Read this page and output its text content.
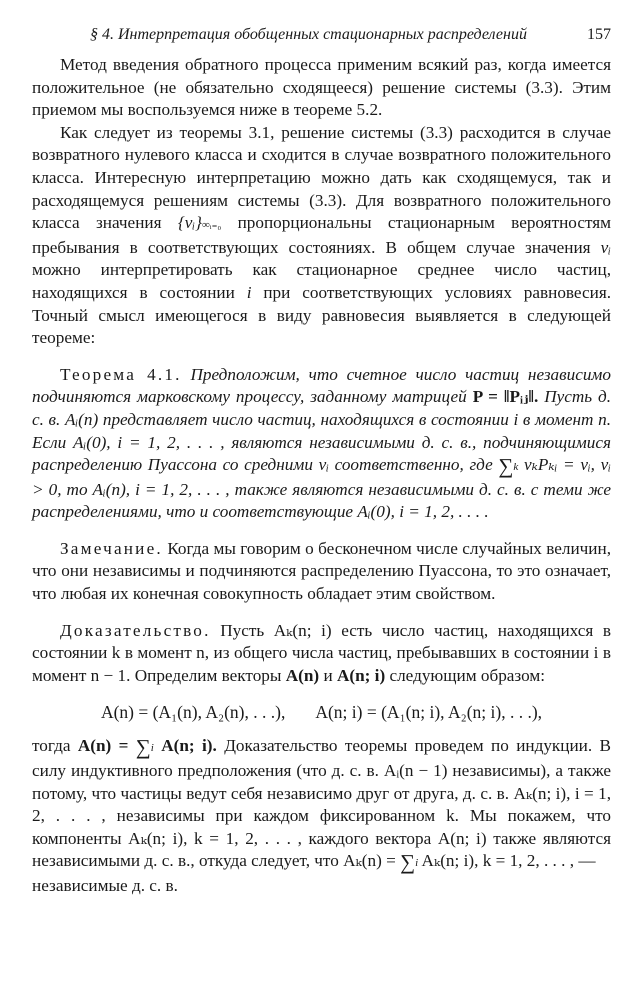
§ 4. Интерпретация обобщенных стационарных распределений	157

Метод введения обратного процесса применим всякий раз, когда имеется положительное (не обязательно сходящееся) решение системы (3.3). Этим приемом мы воспользуемся ниже в теореме 5.2.

Как следует из теоремы 3.1, решение системы (3.3) расходится в случае возвратного нулевого класса и сходится в случае возвратного положительного класса. Интересную интерпретацию можно дать как сходящемуся, так и расходящемуся решениям системы (3.3). Для возвратного положительного класса значения {vᵢ}∞ᵢ₌₀ пропорциональны стационарным вероятностям пребывания в соответствующих состояниях. В общем случае значения vᵢ можно интерпретировать как стационарное среднее число частиц, находящихся в состоянии i при соответствующих условиях равновесия. Точный смысл имеющегося в виду равновесия выявляется в следующей теореме:

Теорема 4.1. Предположим, что счетное число частиц независимо подчиняются марковскому процессу, заданному матрицей P = ‖Pᵢⱼ‖. Пусть д. с. в. Aᵢ(n) представляет число частиц, находящихся в состоянии i в момент n. Если Aᵢ(0), i = 1, 2, . . . , являются независимыми д. с. в., подчиняющимися распределению Пуассона со средними vᵢ соответственно, где ∑k vₖPₖᵢ = vᵢ, vᵢ > 0, то Aᵢ(n), i = 1, 2, . . . , также являются независимыми д. с. в. с теми же распределениями, что и соответствующие Aᵢ(0), i = 1, 2, . . . .

Замечание. Когда мы говорим о бесконечном числе случайных величин, что они независимы и подчиняются распределению Пуассона, то это означает, что любая их конечная совокупность обладает этим свойством.

Доказательство. Пусть Aₖ(n; i) есть число частиц, находящихся в состоянии k в момент n, из общего числа частиц, пребывавших в состоянии i в момент n − 1. Определим векторы A(n) и A(n; i) следующим образом:

A(n) = (A₁(n), A₂(n), . . .), A(n; i) = (A₁(n; i), A₂(n; i), . . .),

тогда A(n) = ∑i A(n; i). Доказательство теоремы проведем по индукции. В силу индуктивного предположения (что д. с. в. Aᵢ(n − 1) независимы), а также потому, что частицы ведут себя независимо друг от друга, д. с. в. Aₖ(n; i), i = 1, 2, . . . , независимы при каждом фиксированном k. Мы покажем, что компоненты Aₖ(n; i), k = 1, 2, . . . , каждого вектора A(n; i) также являются независимыми д. с. в., откуда следует, что Aₖ(n) = ∑i Aₖ(n; i), k = 1, 2, . . . , —

независимые д. с. в.
